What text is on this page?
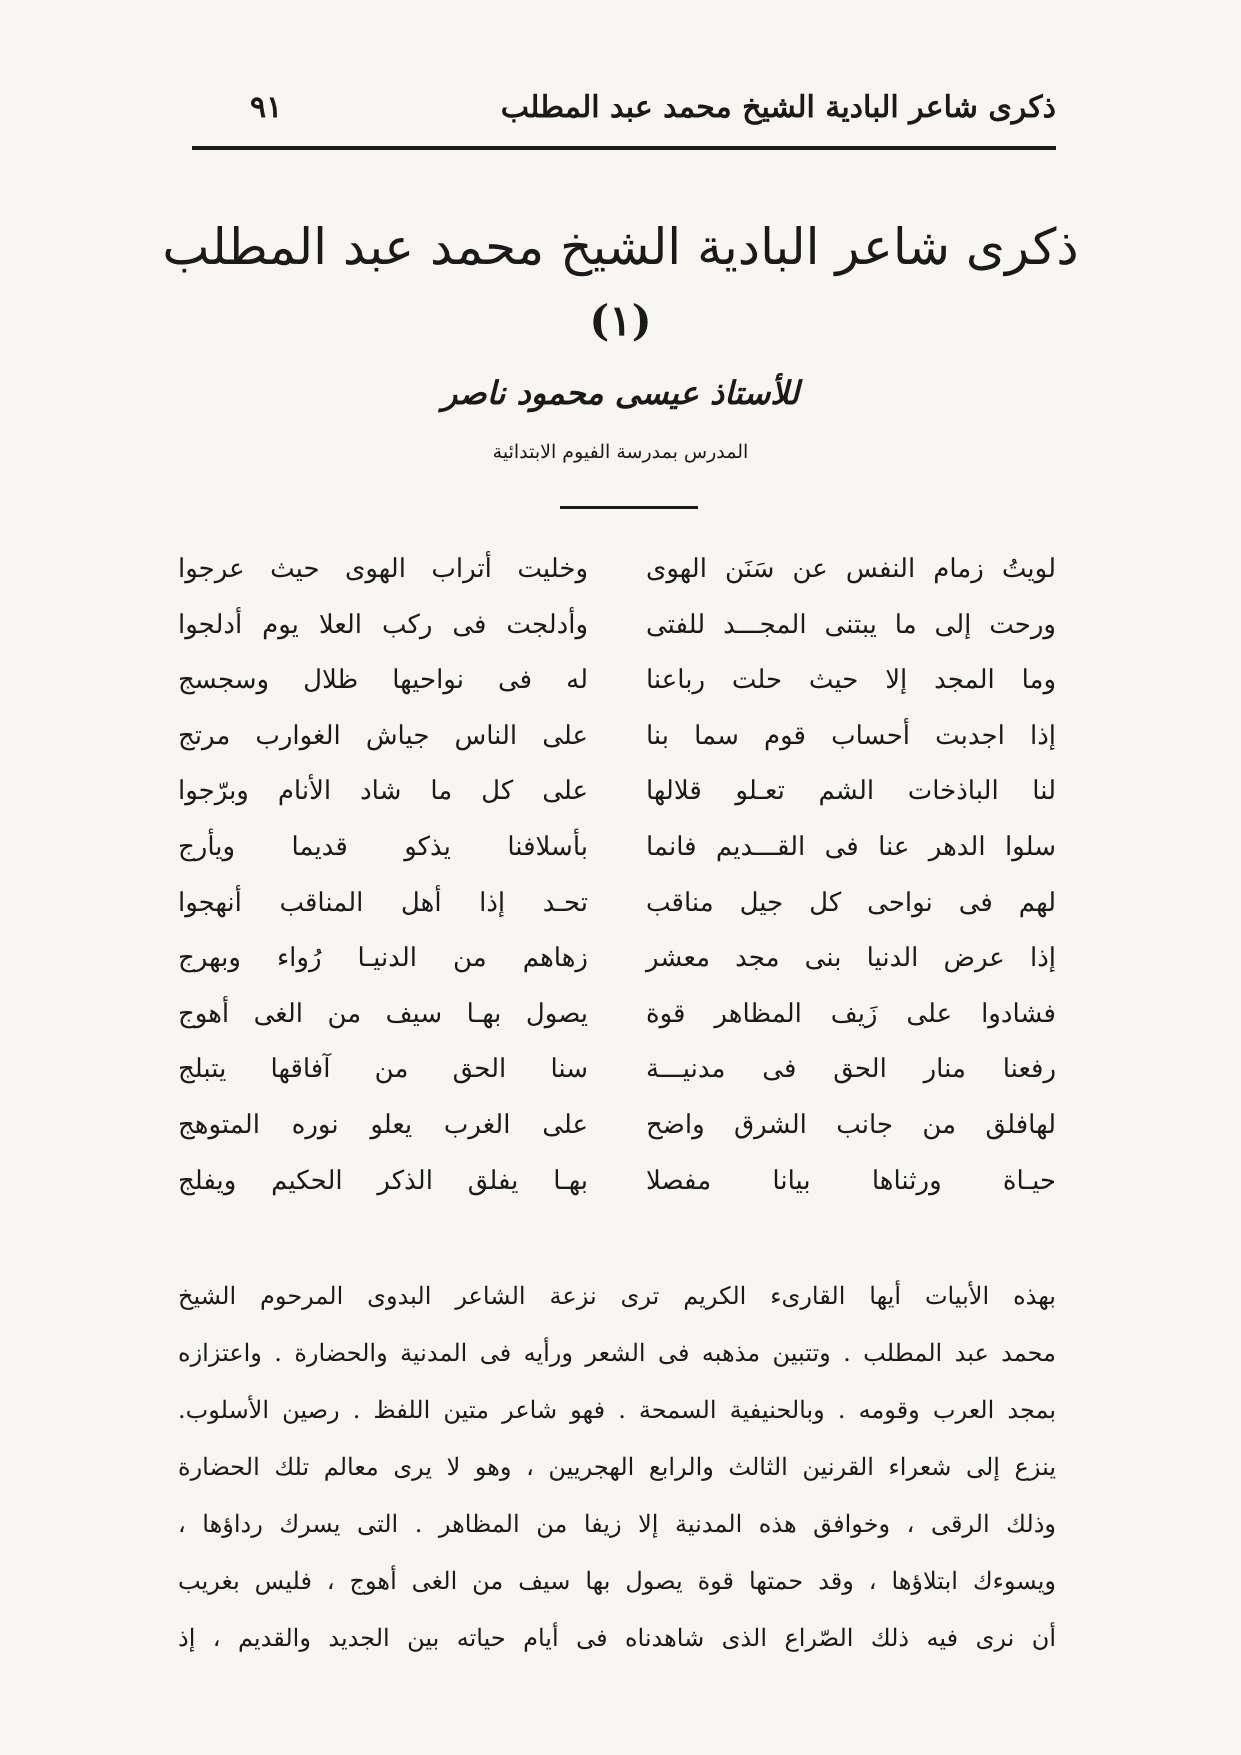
ذكرى شاعر البادية الشيخ محمد عبد المطلب
٩١
ذكرى شاعر البادية الشيخ محمد عبد المطلب
(١)
للأستاذ عيسى محمود ناصر
المدرس بمدرسة الفيوم الابتدائية
لويتُ زمام النفس عن سَنَن الهوى
وخليت أتراب الهوى حيث عرجوا
ورحت إلى ما يبتنى المجـــد للفتى
وأدلجت فى ركب العلا يوم أدلجوا
وما المجد إلا حيث حلت رباعنا
له فى نواحيها ظلال وسجسج
إذا اجدبت أحساب قوم سما بنا
على الناس جياش الغوارب مرتج
لنا الباذخات الشم تعـلو قلالها
على كل ما شاد الأنام وبرّجوا
سلوا الدهر عنا فى القـــديم فانما
بأسلافنا يذكو قديما ويأرج
لهم فى نواحى كل جيل مناقب
تحـد إذا أهل المناقب أنهجوا
إذا عرض الدنيا بنى مجد معشر
زهاهم من الدنيـا رُواء وبهرج
فشادوا على زَيف المظاهر قوة
يصول بهـا سيف من الغى أهوج
رفعنا منار الحق فى مدنيـــة
سنا الحق من آفاقها يتبلج
لهافلق من جانب الشرق واضح
على الغرب يعلو نوره المتوهج
حيـاة ورثناها بيانا مفصلا
بهـا يفلق الذكر الحكيم ويفلج
بهذه الأبيات أيها القارىء الكريم ترى نزعة الشاعر البدوى المرحوم الشيخ
محمد عبد المطلب . وتتبين مذهبه فى الشعر ورأيه فى المدنية والحضارة . واعتزازه
بمجد العرب وقومه . وبالحنيفية السمحة . فهو شاعر متين اللفظ . رصين الأسلوب.
ينزع إلى شعراء القرنين الثالث والرابع الهجريين ، وهو لا يرى معالم تلك الحضارة
وذلك الرقى ، وخوافق هذه المدنية إلا زيفا من المظاهر . التى يسرك رداؤها ،
ويسوءك ابتلاؤها ، وقد حمتها قوة يصول بها سيف من الغى أهوج ، فليس بغريب
أن نرى فيه ذلك الصّراع الذى شاهدناه فى أيام حياته بين الجديد والقديم ، إذ
